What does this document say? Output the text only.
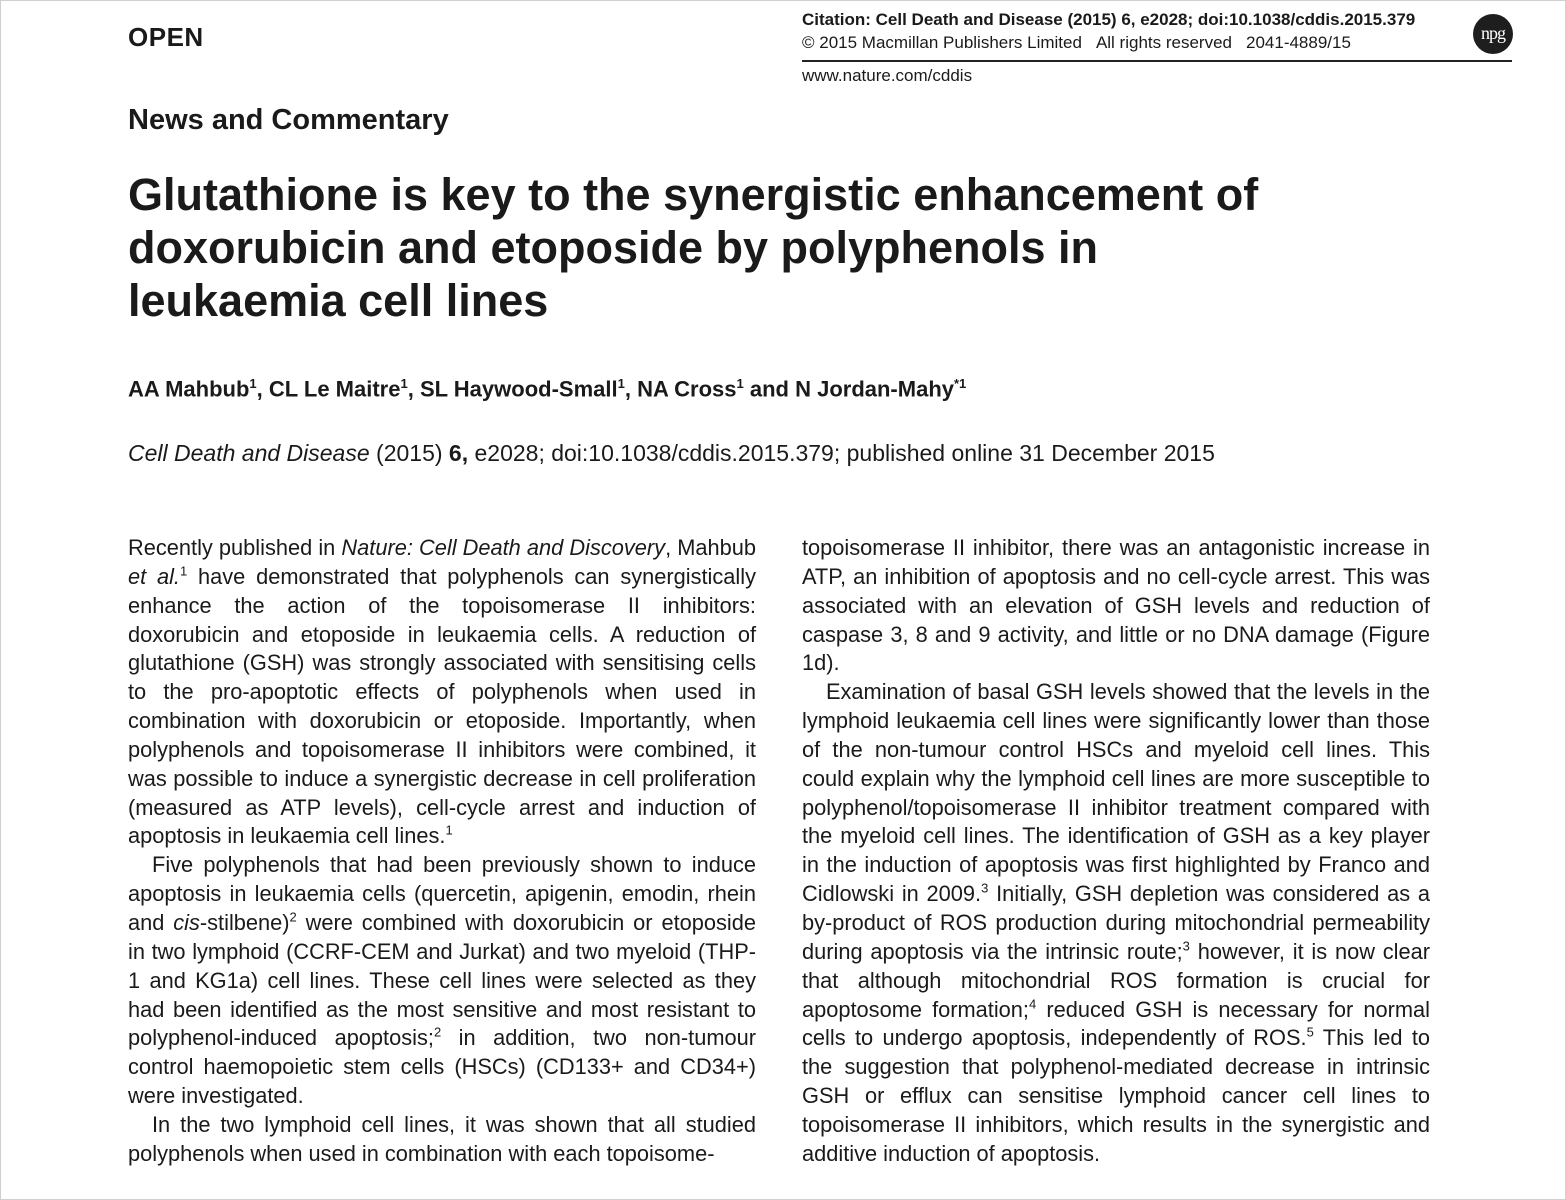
OPEN
Citation: Cell Death and Disease (2015) 6, e2028; doi:10.1038/cddis.2015.379
© 2015 Macmillan Publishers Limited All rights reserved 2041-4889/15
www.nature.com/cddis
npg
News and Commentary
Glutathione is key to the synergistic enhancement of
doxorubicin and etoposide by polyphenols in
leukaemia cell lines
AA Mahbub$^1$, CL Le Maitre$^1$, SL Haywood-Small$^1$, NA Cross$^1$ and N Jordan-Mahy$^{*1}$
Cell Death and Disease (2015) 6, e2028; doi:10.1038/cddis.2015.379; published online 31 December 2015

Recently published in Nature: Cell Death and Discovery, Mahbub et al.$^1$ have demonstrated that polyphenols can synergistically enhance the action of the topoisomerase II inhibitors: doxorubicin and etoposide in leukaemia cells. A reduction of glutathione (GSH) was strongly associated with sensitising cells to the pro-apoptotic effects of polyphenols when used in combination with doxorubicin or etoposide. Importantly, when polyphenols and topoisomerase II inhibitors were combined, it was possible to induce a synergistic decrease in cell proliferation (measured as ATP levels), cell-cycle arrest and induction of apoptosis in leukaemia cell lines.$^1$

Five polyphenols that had been previously shown to induce apoptosis in leukaemia cells (quercetin, apigenin, emodin, rhein and cis-stilbene)$^2$ were combined with doxorubicin or etoposide in two lymphoid (CCRF-CEM and Jurkat) and two myeloid (THP-1 and KG1a) cell lines. These cell lines were selected as they had been identified as the most sensitive and most resistant to polyphenol-induced apoptosis;$^2$ in addition, two non-tumour control haemopoietic stem cells (HSCs) (CD133+ and CD34+) were investigated.

In the two lymphoid cell lines, it was shown that all studied polyphenols when used in combination with each topoisome-

topoisomerase II inhibitor, there was an antagonistic increase in ATP, an inhibition of apoptosis and no cell-cycle arrest. This was associated with an elevation of GSH levels and reduction of caspase 3, 8 and 9 activity, and little or no DNA damage (Figure 1d).

Examination of basal GSH levels showed that the levels in the lymphoid leukaemia cell lines were significantly lower than those of the non-tumour control HSCs and myeloid cell lines. This could explain why the lymphoid cell lines are more susceptible to polyphenol/topoisomerase II inhibitor treatment compared with the myeloid cell lines. The identification of GSH as a key player in the induction of apoptosis was first highlighted by Franco and Cidlowski in 2009.$^3$ Initially, GSH depletion was considered as a by-product of ROS production during mitochondrial permeability during apoptosis via the intrinsic route;$^3$ however, it is now clear that although mitochondrial ROS formation is crucial for apoptosome formation;$^4$ reduced GSH is necessary for normal cells to undergo apoptosis, independently of ROS.$^5$ This led to the suggestion that polyphenol-mediated decrease in intrinsic GSH or efflux can sensitise lymphoid cancer cell lines to topoisomerase II inhibitors, which results in the synergistic and additive induction of apoptosis.
